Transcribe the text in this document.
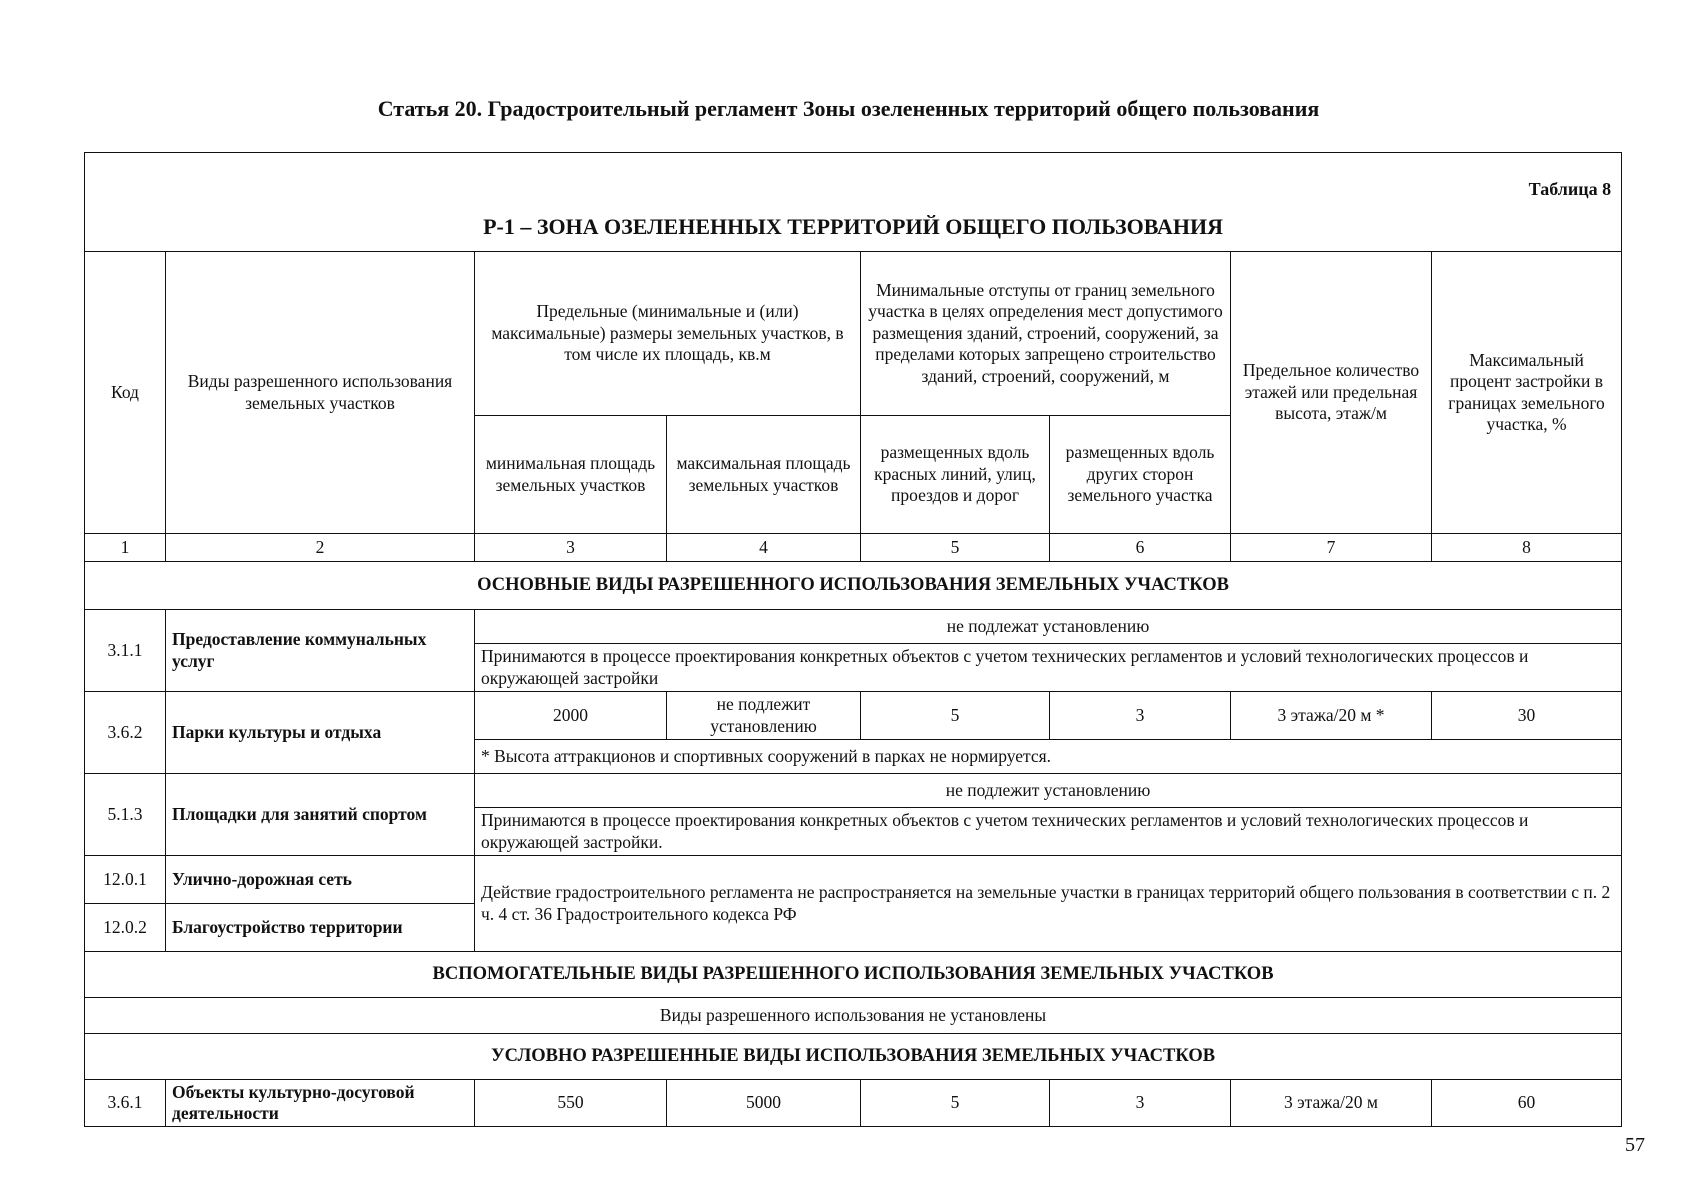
Статья 20. Градостроительный регламент Зоны озелененных территорий общего пользования
Таблица 8
Р-1 – ЗОНА ОЗЕЛЕНЕННЫХ ТЕРРИТОРИЙ ОБЩЕГО ПОЛЬЗОВАНИЯ							

Код	Виды разрешенного использования земельных участков	Предельные (минимальные и (или) максимальные) размеры земельных участков, в том числе их площадь, кв.м		Минимальные отступы от границ земельного участка в целях определения мест допустимого размещения зданий, строений, сооружений, за пределами которых запрещено строительство зданий, строений, сооружений, м		Предельное количество этажей или предельная высота, этаж/м	Максимальный процент застройки в границах земельного участка, %
		минимальная площадь земельных участков	максимальная площадь земельных участков	размещенных вдоль красных линий, улиц, проездов и дорог	размещенных вдоль других сторон земельного участка		
1	2	3	4	5	6	7	8
ОСНОВНЫЕ ВИДЫ РАЗРЕШЕННОГО ИСПОЛЬЗОВАНИЯ ЗЕМЕЛЬНЫХ УЧАСТКОВ							
3.1.1	Предоставление коммунальных услуг	не подлежат установлению					
		Принимаются в процессе проектирования конкретных объектов с учетом технических регламентов и условий технологических процессов и окружающей застройки					
3.6.2	Парки культуры и отдыха	2000	не подлежит установлению	5	3	3 этажа/20 м *	30
		* Высота аттракционов и спортивных сооружений в парках не нормируется.					
5.1.3	Площадки для занятий спортом	не подлежит установлению					
		Принимаются в процессе проектирования конкретных объектов с учетом технических регламентов и условий технологических процессов и окружающей застройки.					
12.0.1	Улично-дорожная сеть	Действие градостроительного регламента не распространяется на земельные участки в границах территорий общего пользования в соответствии с п. 2 ч. 4 ст. 36 Градостроительного кодекса РФ					
12.0.2	Благоустройство территории						
ВСПОМОГАТЕЛЬНЫЕ ВИДЫ РАЗРЕШЕННОГО ИСПОЛЬЗОВАНИЯ ЗЕМЕЛЬНЫХ УЧАСТКОВ							
Виды разрешенного использования не установлены							
УСЛОВНО РАЗРЕШЕННЫЕ ВИДЫ ИСПОЛЬЗОВАНИЯ ЗЕМЕЛЬНЫХ УЧАСТКОВ							
3.6.1	Объекты культурно-досуговой деятельности	550	5000	5	3	3 этажа/20 м	60
57
